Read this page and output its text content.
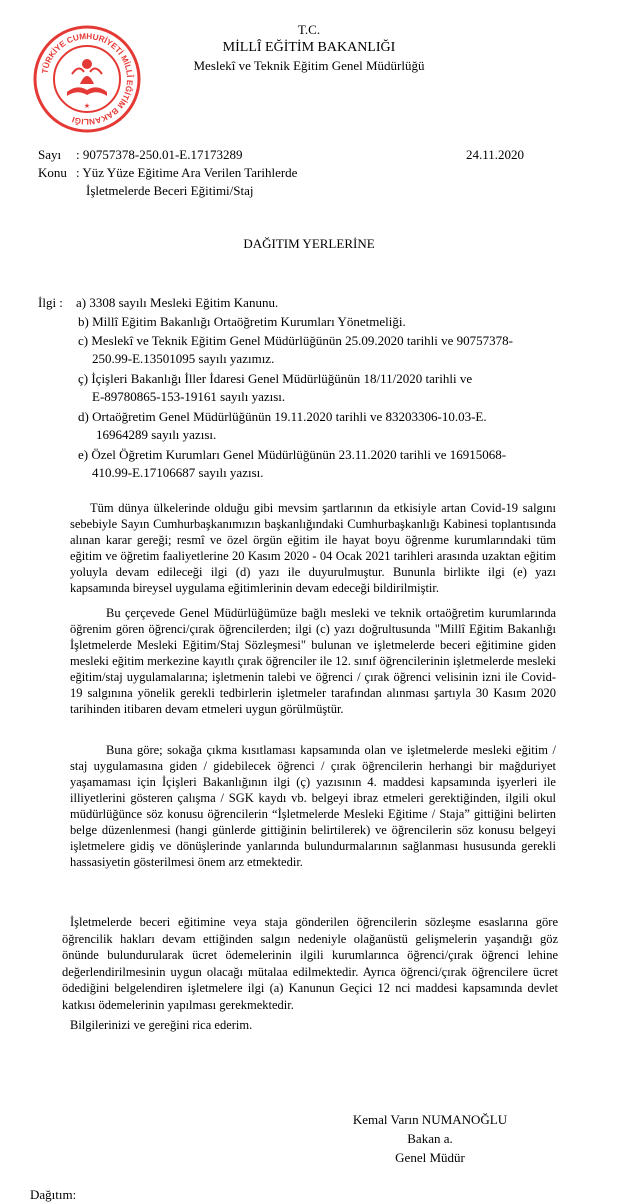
TÜRKİYE CUMHURİYETİ MİLLÎ EĞİTİM BAKANLIĞI
★
T.C.
MİLLÎ EĞİTİM BAKANLIĞI
Meslekî ve Teknik Eğitim Genel Müdürlüğü
Sayı : 90757378-250.01-E.17173289	24.11.2020
Konu : Yüz Yüze Eğitime Ara Verilen Tarihlerde
İşletmelerde Beceri Eğitimi/Staj
DAĞITIM YERLERİNE
İlgi : a) 3308 sayılı Mesleki Eğitim Kanunu.
b) Millî Eğitim Bakanlığı Ortaöğretim Kurumları Yönetmeliği.
c) Meslekî ve Teknik Eğitim Genel Müdürlüğünün 25.09.2020 tarihli ve 90757378-
250.99-E.13501095 sayılı yazımız.
ç) İçişleri Bakanlığı İller İdaresi Genel Müdürlüğünün 18/11/2020 tarihli ve
E-89780865-153-19161 sayılı yazısı.
d) Ortaöğretim Genel Müdürlüğünün 19.11.2020 tarihli ve 83203306-10.03-E.
16964289 sayılı yazısı.
e) Özel Öğretim Kurumları Genel Müdürlüğünün 23.11.2020 tarihli ve 16915068-
410.99-E.17106687 sayılı yazısı.
Tüm dünya ülkelerinde olduğu gibi mevsim şartlarının da etkisiyle artan Covid-19 salgını sebebiyle Sayın Cumhurbaşkanımızın başkanlığındaki Cumhurbaşkanlığı Kabinesi toplantısında alınan karar gereği; resmî ve özel örgün eğitim ile hayat boyu öğrenme kurumlarındaki tüm eğitim ve öğretim faaliyetlerine 20 Kasım 2020 - 04 Ocak 2021 tarihleri arasında uzaktan eğitim yoluyla devam edileceği ilgi (d) yazı ile duyurulmuştur. Bununla birlikte ilgi (e) yazı kapsamında bireysel uygulama eğitimlerinin devam edeceği bildirilmiştir.
Bu çerçevede Genel Müdürlüğümüze bağlı mesleki ve teknik ortaöğretim kurumlarında öğrenim gören öğrenci/çırak öğrencilerden; ilgi (c) yazı doğrultusunda "Millî Eğitim Bakanlığı İşletmelerde Mesleki Eğitim/Staj Sözleşmesi" bulunan ve işletmelerde beceri eğitimine giden mesleki eğitim merkezine kayıtlı çırak öğrenciler ile 12. sınıf öğrencilerinin işletmelerde mesleki eğitim/staj uygulamalarına; işletmenin talebi ve öğrenci / çırak öğrenci velisinin izni ile Covid-19 salgınına yönelik gerekli tedbirlerin işletmeler tarafından alınması şartıyla 30 Kasım 2020 tarihinden itibaren devam etmeleri uygun görülmüştür.
Buna göre; sokağa çıkma kısıtlaması kapsamında olan ve işletmelerde mesleki eğitim / staj uygulamasına giden / gidebilecek öğrenci / çırak öğrencilerin herhangi bir mağduriyet yaşamaması için İçişleri Bakanlığının ilgi (ç) yazısının 4. maddesi kapsamında işyerleri ile illiyetlerini gösteren çalışma / SGK kaydı vb. belgeyi ibraz etmeleri gerektiğinden, ilgili okul müdürlüğünce söz konusu öğrencilerin “İşletmelerde Mesleki Eğitime / Staja” gittiğini belirten belge düzenlenmesi (hangi günlerde gittiğinin belirtilerek) ve öğrencilerin söz konusu belgeyi işletmelere gidiş ve dönüşlerinde yanlarında bulundurmalarının sağlanması hususunda gerekli hassasiyetin gösterilmesi önem arz etmektedir.
İşletmelerde beceri eğitimine veya staja gönderilen öğrencilerin sözleşme esaslarına göre öğrencilik hakları devam ettiğinden salgın nedeniyle olağanüstü gelişmelerin yaşandığı göz önünde bulundurularak ücret ödemelerinin ilgili kurumlarınca öğrenci/çırak öğrenci lehine değerlendirilmesinin uygun olacağı mütalaa edilmektedir. Ayrıca öğrenci/çırak öğrencilere ücret ödediğini belgelendiren işletmelere ilgi (a) Kanunun Geçici 12 nci maddesi kapsamında devlet katkısı ödemelerinin yapılması gerekmektedir.
Bilgilerinizi ve gereğini rica ederim.
Kemal Varın NUMANOĞLU
Bakan a.
Genel Müdür
Dağıtım:
